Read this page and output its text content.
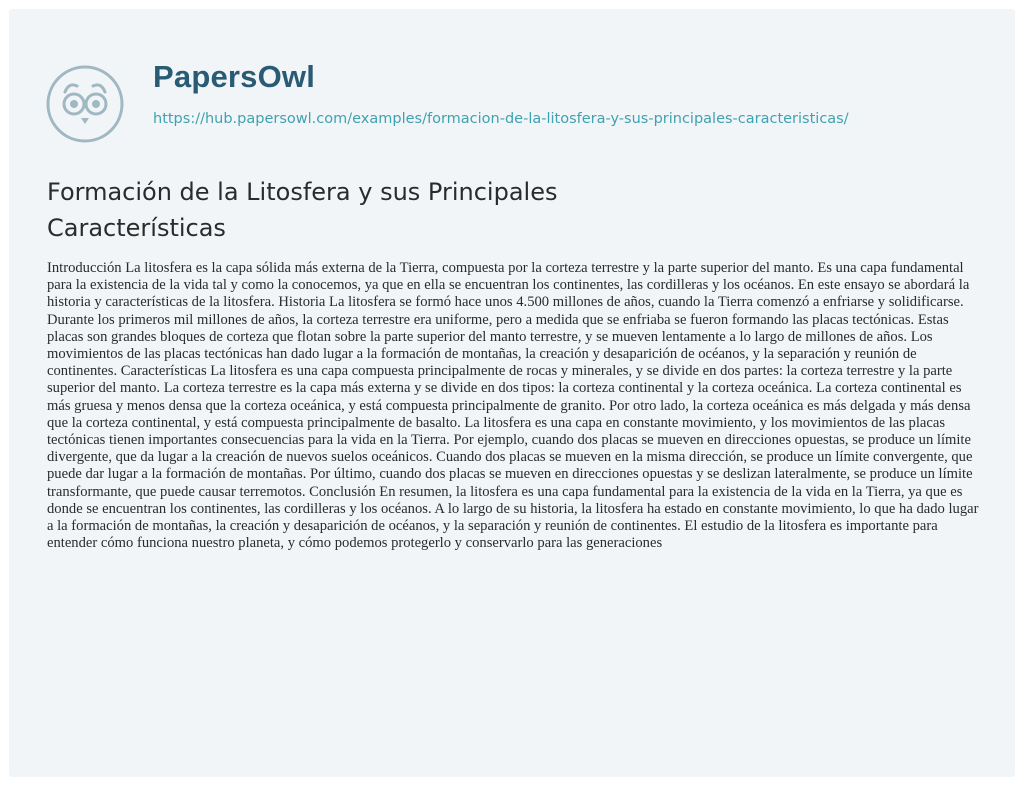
PapersOwl
https://hub.papersowl.com/examples/formacion-de-la-litosfera-y-sus-principales-caracteristicas/
Formación de la Litosfera y sus Principales Características

Introducción La litosfera es la capa sólida más externa de la Tierra, compuesta por la corteza terrestre y la parte superior del manto. Es una capa fundamental para la existencia de la vida tal y como la conocemos, ya que en ella se encuentran los continentes, las cordilleras y los océanos. En este ensayo se abordará la historia y características de la litosfera. Historia La litosfera se formó hace unos 4.500 millones de años, cuando la Tierra comenzó a enfriarse y solidificarse. Durante los primeros mil millones de años, la corteza terrestre era uniforme, pero a medida que se enfriaba se fueron formando las placas tectónicas. Estas placas son grandes bloques de corteza que flotan sobre la parte superior del manto terrestre, y se mueven lentamente a lo largo de millones de años. Los movimientos de las placas tectónicas han dado lugar a la formación de montañas, la creación y desaparición de océanos, y la separación y reunión de continentes. Características La litosfera es una capa compuesta principalmente de rocas y minerales, y se divide en dos partes: la corteza terrestre y la parte superior del manto. La corteza terrestre es la capa más externa y se divide en dos tipos: la corteza continental y la corteza oceánica. La corteza continental es más gruesa y menos densa que la corteza oceánica, y está compuesta principalmente de granito. Por otro lado, la corteza oceánica es más delgada y más densa que la corteza continental, y está compuesta principalmente de basalto. La litosfera es una capa en constante movimiento, y los movimientos de las placas tectónicas tienen importantes consecuencias para la vida en la Tierra. Por ejemplo, cuando dos placas se mueven en direcciones opuestas, se produce un límite divergente, que da lugar a la creación de nuevos suelos oceánicos. Cuando dos placas se mueven en la misma dirección, se produce un límite convergente, que puede dar lugar a la formación de montañas. Por último, cuando dos placas se mueven en direcciones opuestas y se deslizan lateralmente, se produce un límite transformante, que puede causar terremotos. Conclusión En resumen, la litosfera es una capa fundamental para la existencia de la vida en la Tierra, ya que es donde se encuentran los continentes, las cordilleras y los océanos. A lo largo de su historia, la litosfera ha estado en constante movimiento, lo que ha dado lugar a la formación de montañas, la creación y desaparición de océanos, y la separación y reunión de continentes. El estudio de la litosfera es importante para entender cómo funciona nuestro planeta, y cómo podemos protegerlo y conservarlo para las generaciones
